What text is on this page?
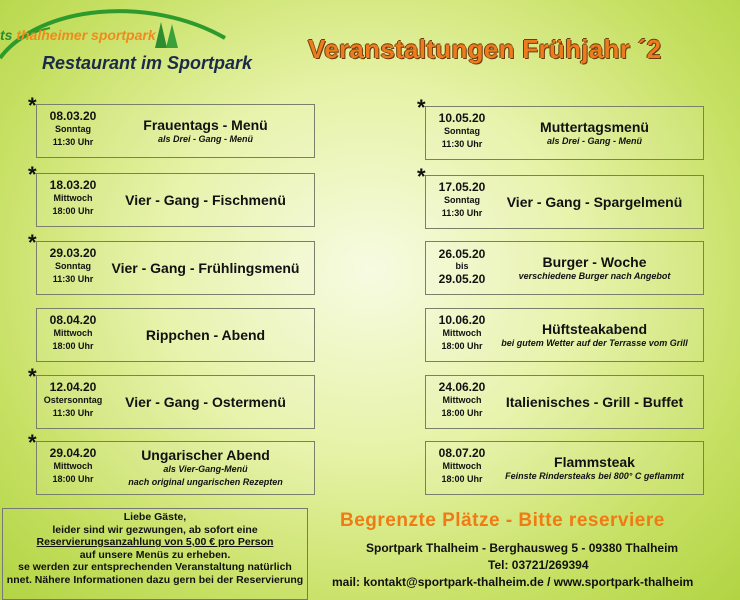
ts thalheimer sportpark
Restaurant im Sportpark Veranstaltungen Frühjahr ´2
*	08.03.20
Sonntag
11:30 Uhr
Frauentags - Menü
als Drei - Gang - Menü
*	18.03.20
Mittwoch
18:00 Uhr
Vier - Gang - Fischmenü
*	29.03.20
Sonntag
11:30 Uhr
Vier - Gang - Frühlingsmenü
08.04.20
Mittwoch
18:00 Uhr
Rippchen - Abend
*	12.04.20
Ostersonntag
11:30 Uhr
Vier - Gang - Ostermenü
*	29.04.20
Mittwoch
18:00 Uhr
Ungarischer Abend
als Vier-Gang-Menü
nach original ungarischen Rezepten
*	10.05.20
Sonntag
11:30 Uhr
Muttertagsmenü
als Drei - Gang - Menü
*	17.05.20
Sonntag
11:30 Uhr
Vier - Gang - Spargelmenü
26.05.20
bis
29.05.20
Burger - Woche
verschiedene Burger nach Angebot
10.06.20
Mittwoch
18:00 Uhr
Hüftsteakabend
bei gutem Wetter auf der Terrasse vom Grill
24.06.20
Mittwoch
18:00 Uhr
Italienisches - Grill - Buffet
08.07.20
Mittwoch
18:00 Uhr
Flammsteak
Feinste Rindersteaks bei 800° C geflammt
Liebe Gäste,
leider sind wir gezwungen, ab sofort eine
Reservierungsanzahlung von 5,00 € pro Person
auf unsere Menüs zu erheben.
se werden zur entsprechenden Veranstaltung natürlich
nnet. Nähere Informationen dazu gern bei der Reservierung
Begrenzte Plätze - Bitte reserviere
Sportpark Thalheim - Berghausweg 5 - 09380 Thalheim
Tel: 03721/269394
mail: kontakt@sportpark-thalheim.de / www.sportpark-thalheim
